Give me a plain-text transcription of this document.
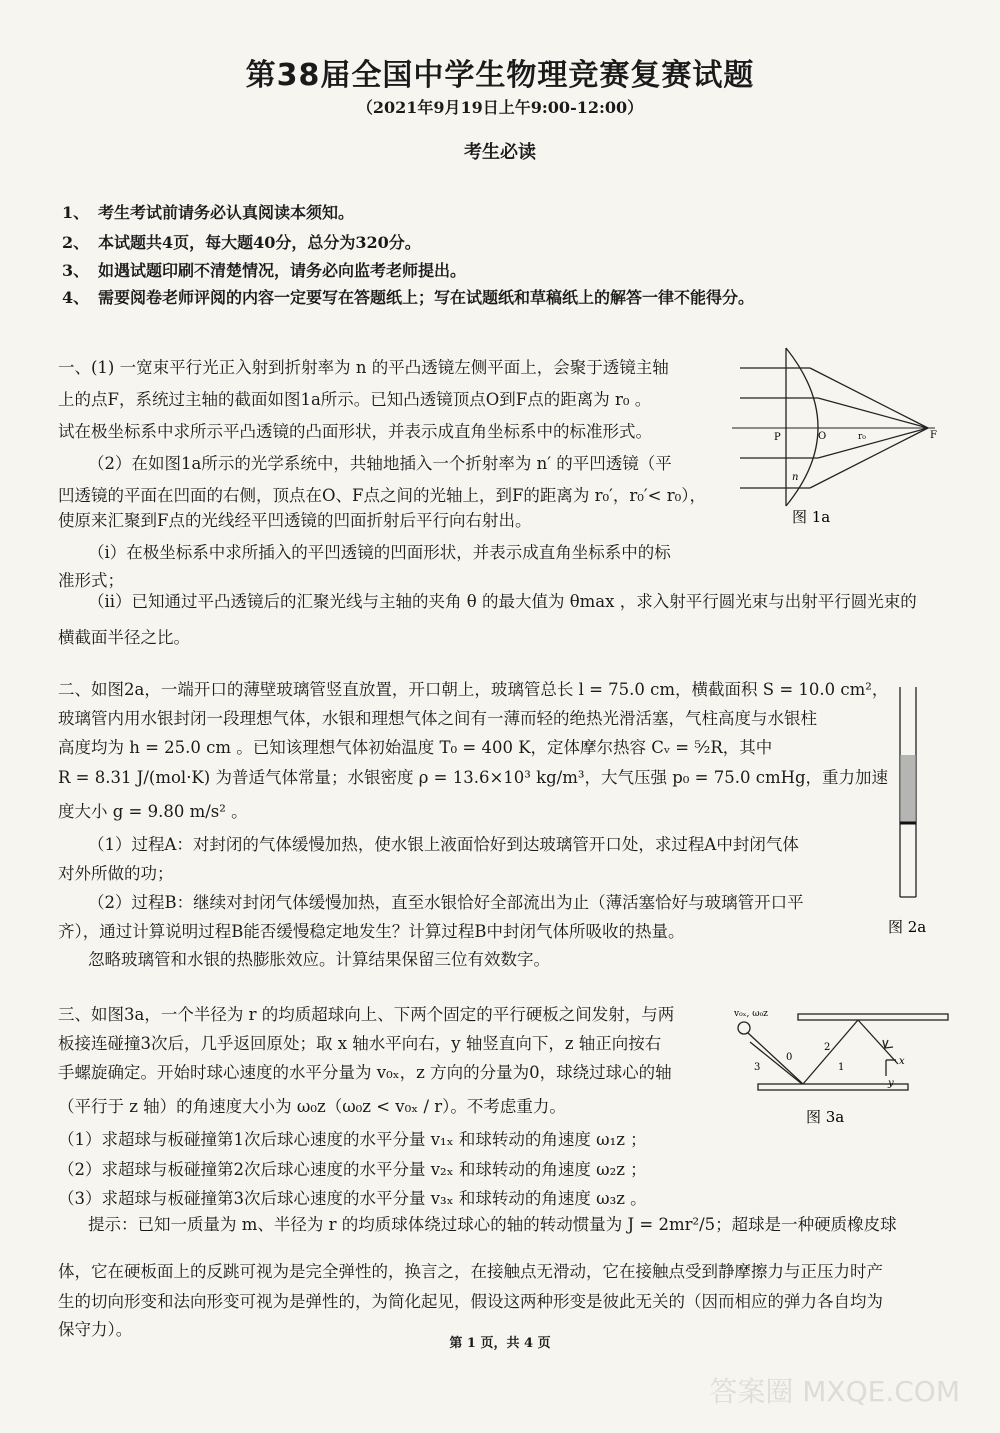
第38届全国中学生物理竞赛复赛试题
（2021年9月19日上午9:00-12:00）
考生必读
1、 考生考试前请务必认真阅读本须知。
2、 本试题共4页，每大题40分，总分为320分。
3、 如遇试题印刷不清楚情况，请务必向监考老师提出。
4、 需要阅卷老师评阅的内容一定要写在答题纸上；写在试题纸和草稿纸上的解答一律不能得分。
一、(1) 一宽束平行光正入射到折射率为 n 的平凸透镜左侧平面上，会聚于透镜主轴
上的点F，系统过主轴的截面如图1a所示。已知凸透镜顶点O到F点的距离为 r₀ 。
试在极坐标系中求所示平凸透镜的凸面形状，并表示成直角坐标系中的标准形式。
（2）在如图1a所示的光学系统中，共轴地插入一个折射率为 n′ 的平凹透镜（平
凹透镜的平面在凹面的右侧，顶点在O、F点之间的光轴上，到F的距离为 r₀′，r₀′< r₀），
使原来汇聚到F点的光线经平凹透镜的凹面折射后平行向右射出。
（i）在极坐标系中求所插入的平凹透镜的凹面形状，并表示成直角坐标系中的标
准形式；
（ii）已知通过平凸透镜后的汇聚光线与主轴的夹角 θ 的最大值为 θmax ，求入射平行圆光束与出射平行圆光束的
横截面半径之比。
P	O	r₀	F
n
图 1a
二、如图2a，一端开口的薄壁玻璃管竖直放置，开口朝上，玻璃管总长 l = 75.0 cm，横截面积 S = 10.0 cm²，
玻璃管内用水银封闭一段理想气体，水银和理想气体之间有一薄而轻的绝热光滑活塞，气柱高度与水银柱
高度均为 h = 25.0 cm 。已知该理想气体初始温度 T₀ = 400 K，定体摩尔热容 Cᵥ = ⁵⁄₂R，其中
R = 8.31 J/(mol·K) 为普适气体常量；水银密度 ρ = 13.6×10³ kg/m³，大气压强 p₀ = 75.0 cmHg，重力加速
度大小 g = 9.80 m/s² 。
（1）过程A：对封闭的气体缓慢加热，使水银上液面恰好到达玻璃管开口处，求过程A中封闭气体
对外所做的功；
（2）过程B：继续对封闭气体缓慢加热，直至水银恰好全部流出为止（薄活塞恰好与玻璃管开口平
齐），通过计算说明过程B能否缓慢稳定地发生？计算过程B中封闭气体所吸收的热量。
忽略玻璃管和水银的热膨胀效应。计算结果保留三位有效数字。
图 2a
三、如图3a，一个半径为 r 的均质超球向上、下两个固定的平行硬板之间发射，与两
板接连碰撞3次后，几乎返回原处；取 x 轴水平向右，y 轴竖直向下，z 轴正向按右
手螺旋确定。开始时球心速度的水平分量为 v₀ₓ，z 方向的分量为0，球绕过球心的轴
（平行于 z 轴）的角速度大小为 ω₀z（ω₀z < v₀ₓ / r）。不考虑重力。
（1）求超球与板碰撞第1次后球心速度的水平分量 v₁ₓ 和球转动的角速度 ω₁z ；
（2）求超球与板碰撞第2次后球心速度的水平分量 v₂ₓ 和球转动的角速度 ω₂z ；
（3）求超球与板碰撞第3次后球心速度的水平分量 v₃ₓ 和球转动的角速度 ω₃z 。
提示：已知一质量为 m、半径为 r 的均质球体绕过球心的轴的转动惯量为 J = 2mr²/5；超球是一种硬质橡皮球
体，它在硬板面上的反跳可视为是完全弹性的，换言之，在接触点无滑动，它在接触点受到静摩擦力与正压力时产
生的切向形变和法向形变可视为是弹性的，为简化起见，假设这两种形变是彼此无关的（因而相应的弹力各自均为
保守力）。
v₀ₓ, ω₀z
0
1
2
3
x
y
图 3a
第 1 页，共 4 页
答案圈 MXQE.COM
